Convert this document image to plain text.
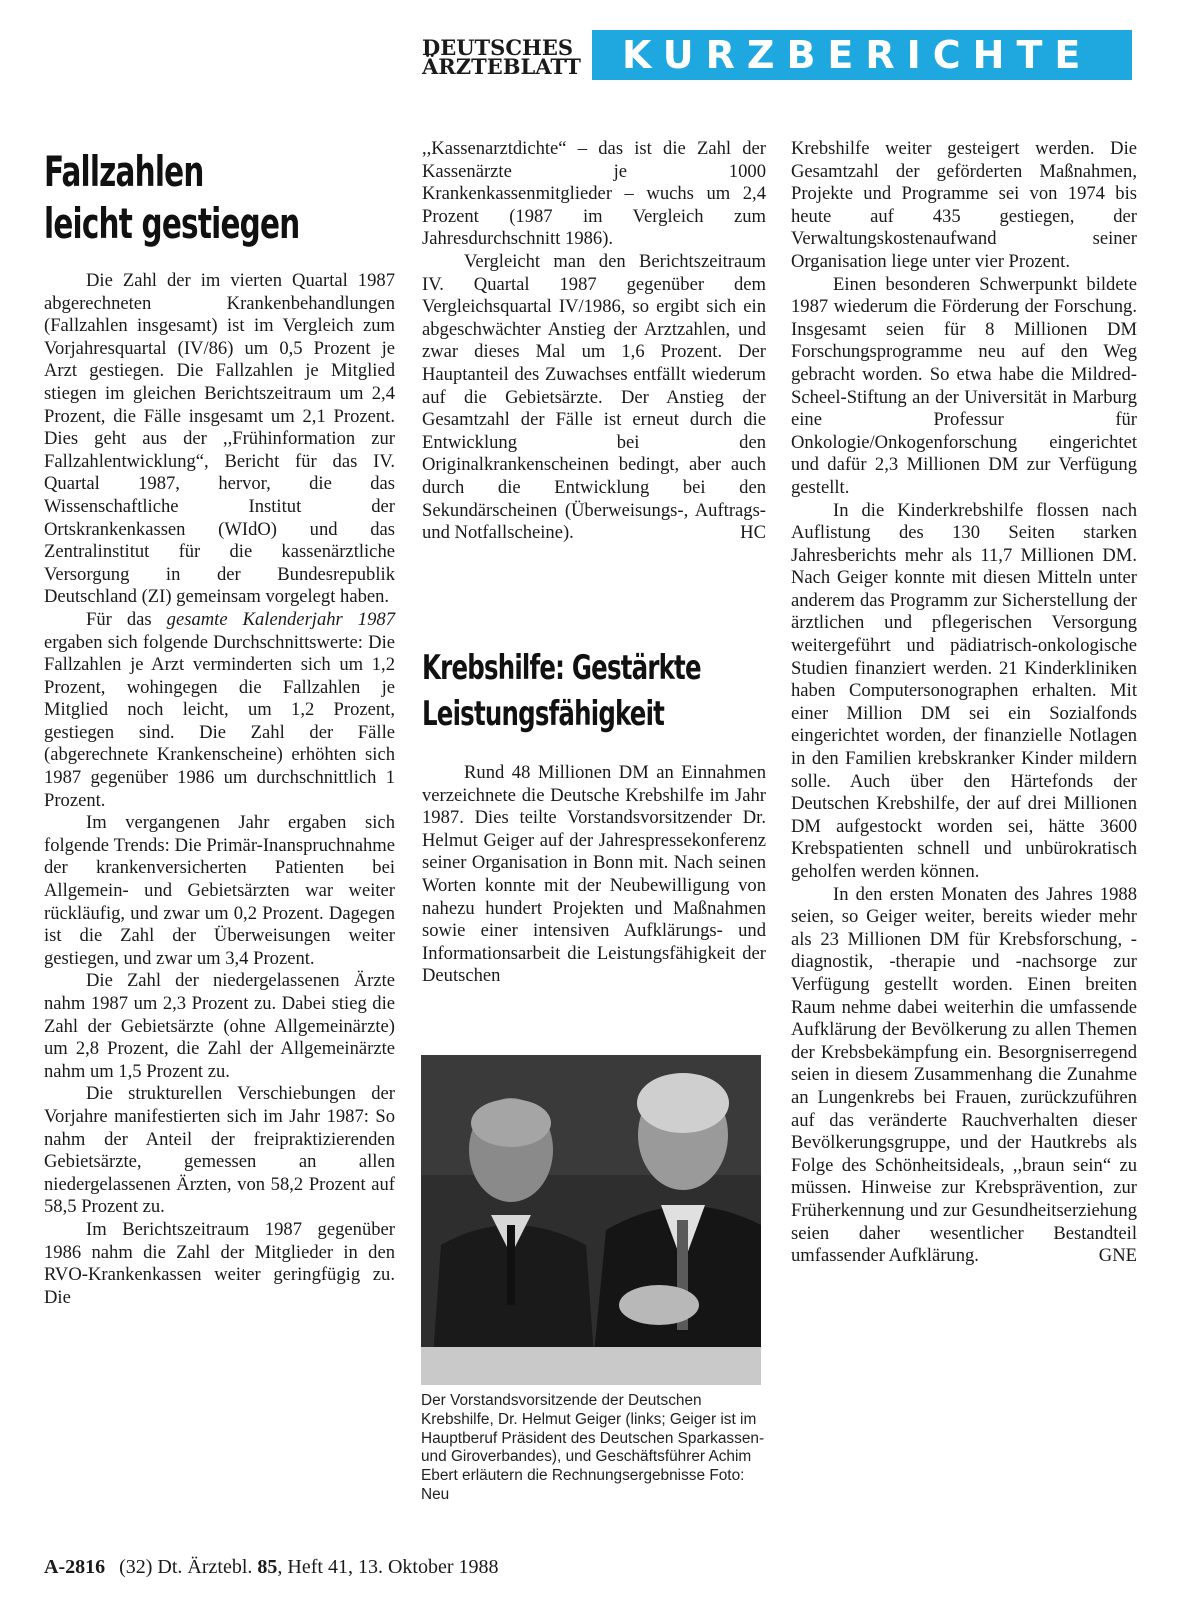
DEUTSCHES
ÄRZTEBLATT	KURZBERICHTE
Fallzahlen
leicht gestiegen

Die Zahl der im vierten Quartal 1987 abgerechneten Krankenbehandlungen (Fallzahlen insgesamt) ist im Vergleich zum Vorjahresquartal (IV/86) um 0,5 Prozent je Arzt gestiegen. Die Fallzahlen je Mitglied stiegen im gleichen Berichtszeitraum um 2,4 Prozent, die Fälle insgesamt um 2,1 Prozent. Dies geht aus der ,,Frühinformation zur Fallzahlentwicklung“, Bericht für das IV. Quartal 1987, hervor, die das Wissenschaftliche Institut der Ortskrankenkassen (WIdO) und das Zentralinstitut für die kassenärztliche Versorgung in der Bundesrepublik Deutschland (ZI) gemeinsam vorgelegt haben.

Für das gesamte Kalenderjahr 1987 ergaben sich folgende Durchschnittswerte: Die Fallzahlen je Arzt verminderten sich um 1,2 Prozent, wohingegen die Fallzahlen je Mitglied noch leicht, um 1,2 Prozent, gestiegen sind. Die Zahl der Fälle (abgerechnete Krankenscheine) erhöhten sich 1987 gegenüber 1986 um durchschnittlich 1 Prozent.

Im vergangenen Jahr ergaben sich folgende Trends: Die Primär-Inanspruchnahme der krankenversicherten Patienten bei Allgemein- und Gebietsärzten war weiter rückläufig, und zwar um 0,2 Prozent. Dagegen ist die Zahl der Überweisungen weiter gestiegen, und zwar um 3,4 Prozent.

Die Zahl der niedergelassenen Ärzte nahm 1987 um 2,3 Prozent zu. Dabei stieg die Zahl der Gebietsärzte (ohne Allgemeinärzte) um 2,8 Prozent, die Zahl der Allgemeinärzte nahm um 1,5 Prozent zu.

Die strukturellen Verschiebungen der Vorjahre manifestierten sich im Jahr 1987: So nahm der Anteil der freipraktizierenden Gebietsärzte, gemessen an allen niedergelassenen Ärzten, von 58,2 Prozent auf 58,5 Prozent zu.

Im Berichtszeitraum 1987 gegenüber 1986 nahm die Zahl der Mitglieder in den RVO-Krankenkassen weiter geringfügig zu. Die

,,Kassenarztdichte“ – das ist die Zahl der Kassenärzte je 1000 Krankenkassenmitglieder – wuchs um 2,4 Prozent (1987 im Vergleich zum Jahresdurchschnitt 1986).

Vergleicht man den Berichtszeitraum IV. Quartal 1987 gegenüber dem Vergleichsquartal IV/1986, so ergibt sich ein abgeschwächter Anstieg der Arztzahlen, und zwar dieses Mal um 1,6 Prozent. Der Hauptanteil des Zuwachses entfällt wiederum auf die Gebietsärzte. Der Anstieg der Gesamtzahl der Fälle ist erneut durch die Entwicklung bei den Originalkrankenscheinen bedingt, aber auch durch die Entwicklung bei den Sekundärscheinen (Überweisungs-, Auftrags- und Notfallscheine).	HC

Krebshilfe: Gestärkte
Leistungsfähigkeit

Rund 48 Millionen DM an Einnahmen verzeichnete die Deutsche Krebshilfe im Jahr 1987. Dies teilte Vorstandsvorsitzender Dr. Helmut Geiger auf der Jahrespressekonferenz seiner Organisation in Bonn mit. Nach seinen Worten konnte mit der Neubewilligung von nahezu hundert Projekten und Maßnahmen sowie einer intensiven Aufklärungs- und Informationsarbeit die Leistungsfähigkeit der Deutschen

Der Vorstandsvorsitzende der Deutschen Krebshilfe, Dr. Helmut Geiger (links; Geiger ist im Hauptberuf Präsident des Deutschen Sparkassen- und Giroverbandes), und Geschäftsführer Achim Ebert erläutern die Rechnungsergebnisse Foto: Neu

Krebshilfe weiter gesteigert werden. Die Gesamtzahl der geförderten Maßnahmen, Projekte und Programme sei von 1974 bis heute auf 435 gestiegen, der Verwaltungskostenaufwand seiner Organisation liege unter vier Prozent.

Einen besonderen Schwerpunkt bildete 1987 wiederum die Förderung der Forschung. Insgesamt seien für 8 Millionen DM Forschungsprogramme neu auf den Weg gebracht worden. So etwa habe die Mildred-Scheel-Stiftung an der Universität in Marburg eine Professur für Onkologie/Onkogenforschung eingerichtet und dafür 2,3 Millionen DM zur Verfügung gestellt.

In die Kinderkrebshilfe flossen nach Auflistung des 130 Seiten starken Jahresberichts mehr als 11,7 Millionen DM. Nach Geiger konnte mit diesen Mitteln unter anderem das Programm zur Sicherstellung der ärztlichen und pflegerischen Versorgung weitergeführt und pädiatrisch-onkologische Studien finanziert werden. 21 Kinderkliniken haben Computersonographen erhalten. Mit einer Million DM sei ein Sozialfonds eingerichtet worden, der finanzielle Notlagen in den Familien krebskranker Kinder mildern solle. Auch über den Härtefonds der Deutschen Krebshilfe, der auf drei Millionen DM aufgestockt worden sei, hätte 3600 Krebspatienten schnell und unbürokratisch geholfen werden können.

In den ersten Monaten des Jahres 1988 seien, so Geiger weiter, bereits wieder mehr als 23 Millionen DM für Krebsforschung, -diagnostik, -therapie und -nachsorge zur Verfügung gestellt worden. Einen breiten Raum nehme dabei weiterhin die umfassende Aufklärung der Bevölkerung zu allen Themen der Krebsbekämpfung ein. Besorgniserregend seien in diesem Zusammenhang die Zunahme an Lungenkrebs bei Frauen, zurückzuführen auf das veränderte Rauchverhalten dieser Bevölkerungsgruppe, und der Hautkrebs als Folge des Schönheitsideals, ,,braun sein“ zu müssen. Hinweise zur Krebsprävention, zur Früherkennung und zur Gesundheitserziehung seien daher wesentlicher Bestandteil umfassender Aufklärung.	GNE

A-2816 (32) Dt. Ärztebl. 85, Heft 41, 13. Oktober 1988
